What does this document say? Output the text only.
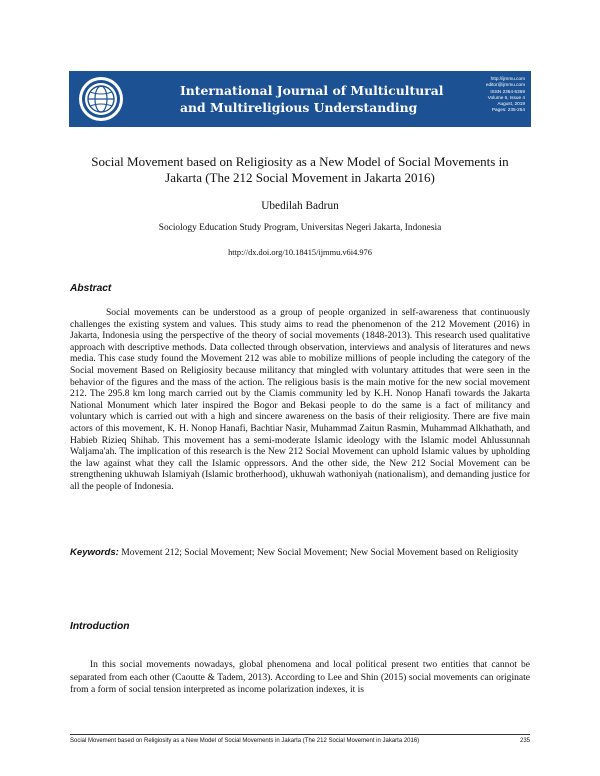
International Journal of Multicultural
and Multireligious Understanding
http://ijmmu.com
editor@ijmmu.com
ISSN 2364-5369
Volume 6, Issue 4
August, 2019
Pages: 235-254
Social Movement based on Religiosity as a New Model of Social Movements in
Jakarta (The 212 Social Movement in Jakarta 2016)
Ubedilah Badrun
Sociology Education Study Program, Universitas Negeri Jakarta, Indonesia
http://dx.doi.org/10.18415/ijmmu.v6i4.976
Abstract

Social movements can be understood as a group of people organized in self-awareness that continuously challenges the existing system and values. This study aims to read the phenomenon of the 212 Movement (2016) in Jakarta, Indonesia using the perspective of the theory of social movements (1848-2013). This research used qualitative approach with descriptive methods. Data collected through observation, interviews and analysis of literatures and news media. This case study found the Movement 212 was able to mobilize millions of people including the category of the Social movement Based on Religiosity because militancy that mingled with voluntary attitudes that were seen in the behavior of the figures and the mass of the action. The religious basis is the main motive for the new social movement 212. The 295.8 km long march carried out by the Ciamis community led by K.H. Nonop Hanafi towards the Jakarta National Monument which later inspired the Bogor and Bekasi people to do the same is a fact of militancy and voluntary which is carried out with a high and sincere awareness on the basis of their religiosity. There are five main actors of this movement, K. H. Nonop Hanafi, Bachtiar Nasir, Muhammad Zaitun Rasmin, Muhammad Alkhathath, and Habieb Rizieq Shihab. This movement has a semi-moderate Islamic ideology with the Islamic model Ahlussunnah Waljama'ah. The implication of this research is the New 212 Social Movement can uphold Islamic values by upholding the law against what they call the Islamic oppressors. And the other side, the New 212 Social Movement can be strengthening ukhuwah Islamiyah (Islamic brotherhood), ukhuwah wathoniyah (nationalism), and demanding justice for all the people of Indonesia.

Keywords: Movement 212; Social Movement; New Social Movement; New Social Movement based on Religiosity

Introduction

In this social movements nowadays, global phenomena and local political present two entities that cannot be separated from each other (Caoutte & Tadem, 2013). According to Lee and Shin (2015) social movements can originate from a form of social tension interpreted as income polarization indexes, it is

Social Movement based on Religiosity as a New Model of Social Movements in Jakarta (The 212 Social Movement in Jakarta 2016)	235
